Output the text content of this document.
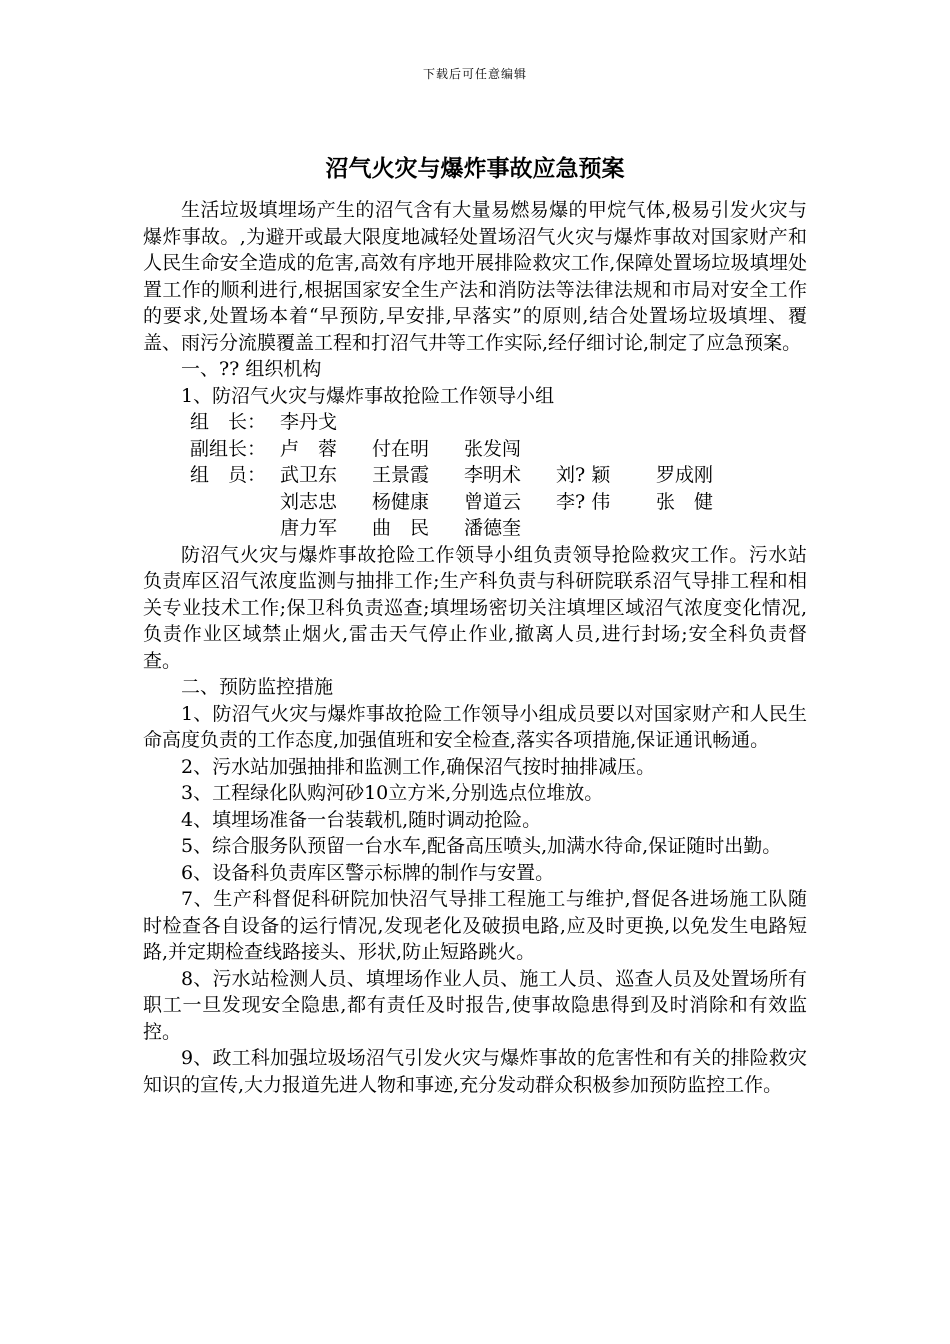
下载后可任意编辑
沼气火灾与爆炸事故应急预案

生活垃圾填埋场产生的沼气含有大量易燃易爆的甲烷气体,极易引发火灾与爆炸事故。,为避开或最大限度地减轻处置场沼气火灾与爆炸事故对国家财产和人民生命安全造成的危害,高效有序地开展排险救灾工作,保障处置场垃圾填埋处置工作的顺利进行,根据国家安全生产法和消防法等法律法规和市局对安全工作的要求,处置场本着“早预防,早安排,早落实”的原则,结合处置场垃圾填埋、覆盖、雨污分流膜覆盖工程和打沼气井等工作实际,经仔细讨论,制定了应急预案。

一、?? 组织机构

1、防沼气火灾与爆炸事故抢险工作领导小组

组　长： 李丹戈
副组长： 卢　蓉	付在明	张发闯
组　员： 武卫东	王景霞	李明术	刘? 颖	罗成刚
刘志忠	杨健康	曾道云	李? 伟	张　健
唐力军	曲　民	潘德奎

防沼气火灾与爆炸事故抢险工作领导小组负责领导抢险救灾工作。污水站负责库区沼气浓度监测与抽排工作;生产科负责与科研院联系沼气导排工程和相关专业技术工作;保卫科负责巡查;填埋场密切关注填埋区域沼气浓度变化情况,负责作业区域禁止烟火,雷击天气停止作业,撤离人员,进行封场;安全科负责督查。

二、预防监控措施

1、防沼气火灾与爆炸事故抢险工作领导小组成员要以对国家财产和人民生命高度负责的工作态度,加强值班和安全检查,落实各项措施,保证通讯畅通。

2、污水站加强抽排和监测工作,确保沼气按时抽排减压。

3、工程绿化队购河砂10立方米,分别选点位堆放。

4、填埋场准备一台装载机,随时调动抢险。

5、综合服务队预留一台水车,配备高压喷头,加满水待命,保证随时出勤。

6、设备科负责库区警示标牌的制作与安置。

7、生产科督促科研院加快沼气导排工程施工与维护,督促各进场施工队随时检查各自设备的运行情况,发现老化及破损电路,应及时更换,以免发生电路短路,并定期检查线路接头、形状,防止短路跳火。

8、污水站检测人员、填埋场作业人员、施工人员、巡查人员及处置场所有职工一旦发现安全隐患,都有责任及时报告,使事故隐患得到及时消除和有效监控。

9、政工科加强垃圾场沼气引发火灾与爆炸事故的危害性和有关的排险救灾知识的宣传,大力报道先进人物和事迹,充分发动群众积极参加预防监控工作。
